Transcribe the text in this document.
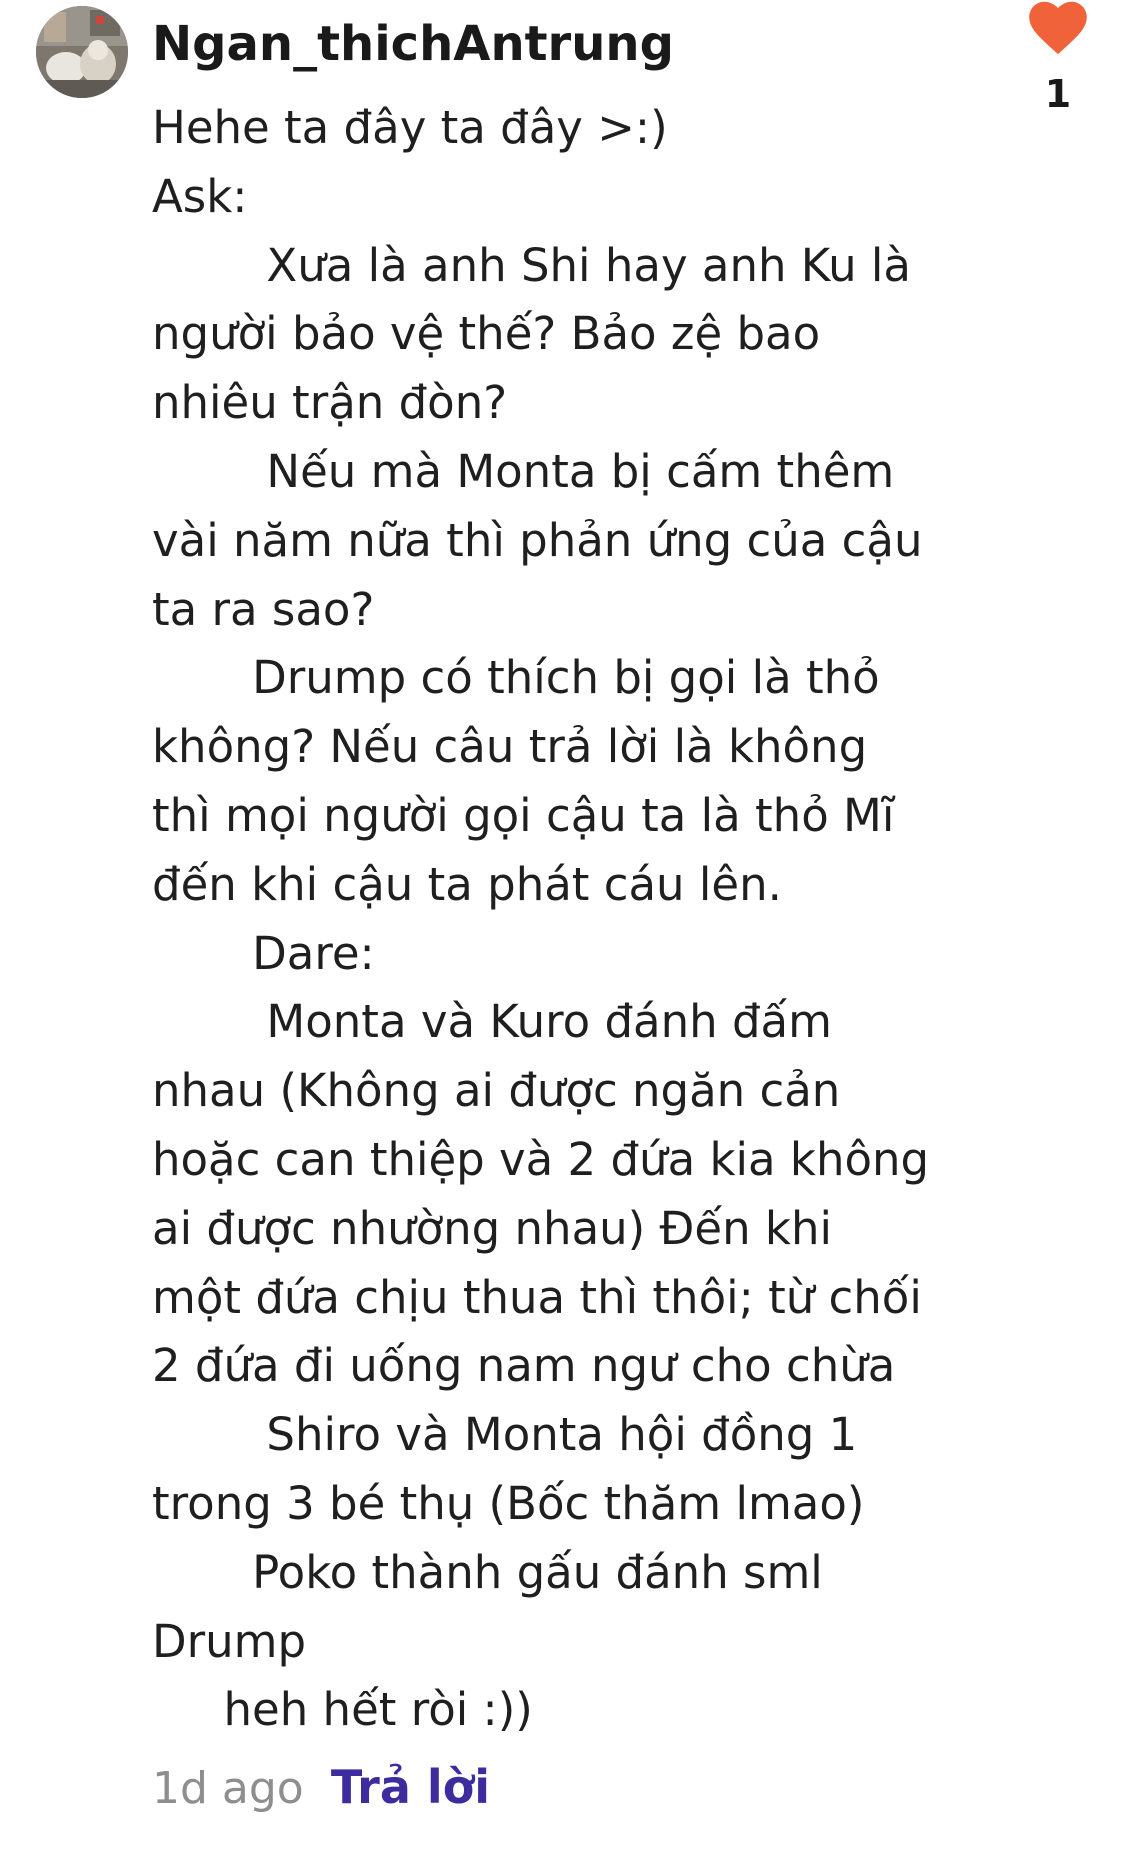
Ngan_thichAntrung
1
Hehe ta đây ta đây >:)
Ask:
Xưa là anh Shi hay anh Ku là
người bảo vệ thế? Bảo zệ bao
nhiêu trận đòn?
Nếu mà Monta bị cấm thêm
vài năm nữa thì phản ứng của cậu
ta ra sao?
Drump có thích bị gọi là thỏ
không? Nếu câu trả lời là không
thì mọi người gọi cậu ta là thỏ Mĩ
đến khi cậu ta phát cáu lên.
Dare:
Monta và Kuro đánh đấm
nhau (Không ai được ngăn cản
hoặc can thiệp và 2 đứa kia không
ai được nhường nhau) Đến khi
một đứa chịu thua thì thôi; từ chối
2 đứa đi uống nam ngư cho chừa
Shiro và Monta hội đồng 1
trong 3 bé thụ (Bốc thăm lmao)
Poko thành gấu đánh sml
Drump
heh hết ròi :))
1d ago Trả lời
